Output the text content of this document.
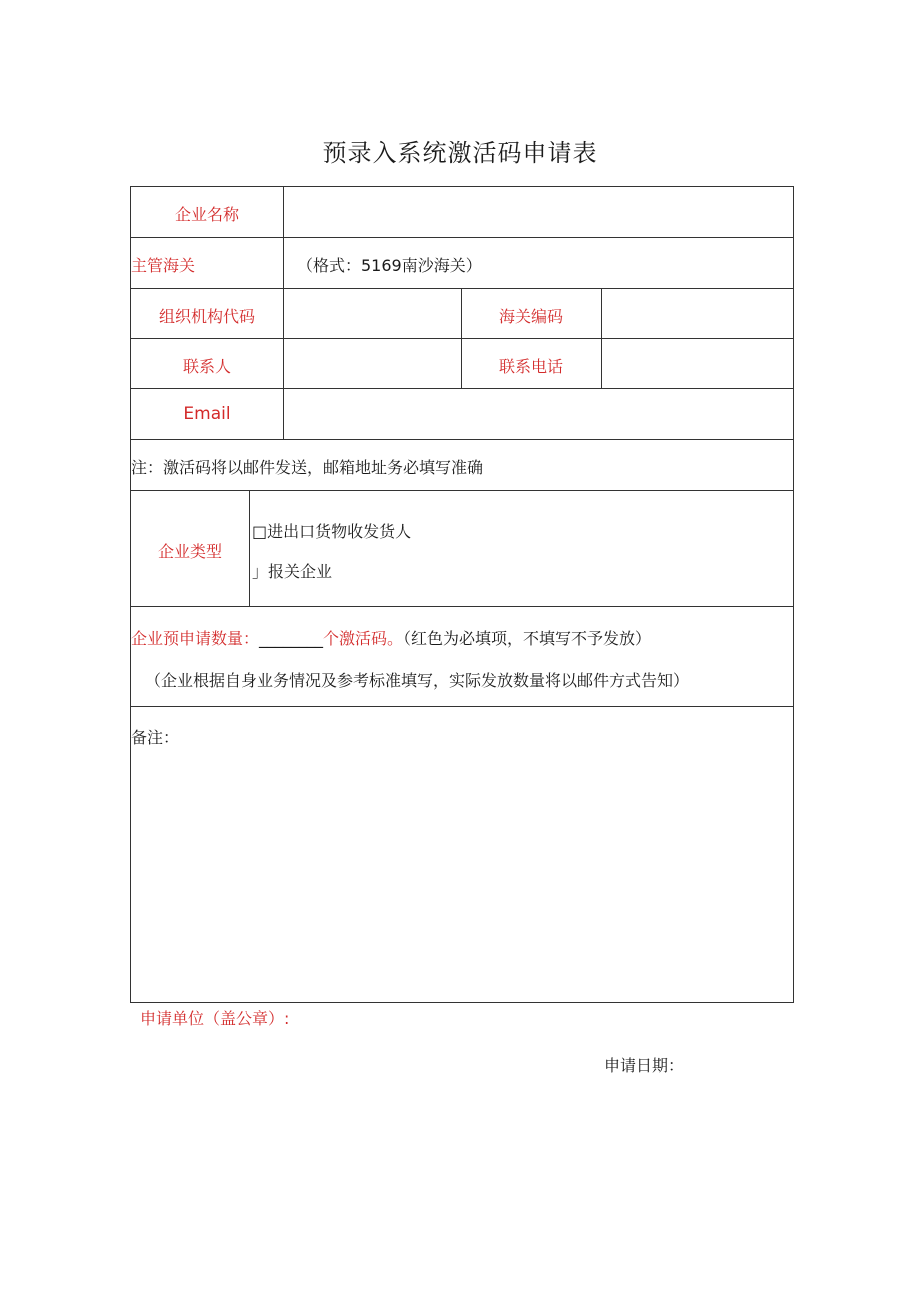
预录入系统激活码申请表
企业名称
主管海关	（格式：5169南沙海关）
组织机构代码	海关编码
联系人	联系电话
Email
注：激活码将以邮件发送，邮箱地址务必填写准确
企业类型
□进出口货物收发货人
」报关企业
企业预申请数量：________个激活码。（红色为必填项，不填写不予发放）
（企业根据自身业务情况及参考标准填写，实际发放数量将以邮件方式告知）
备注：
申请单位（盖公章）:
申请日期：
